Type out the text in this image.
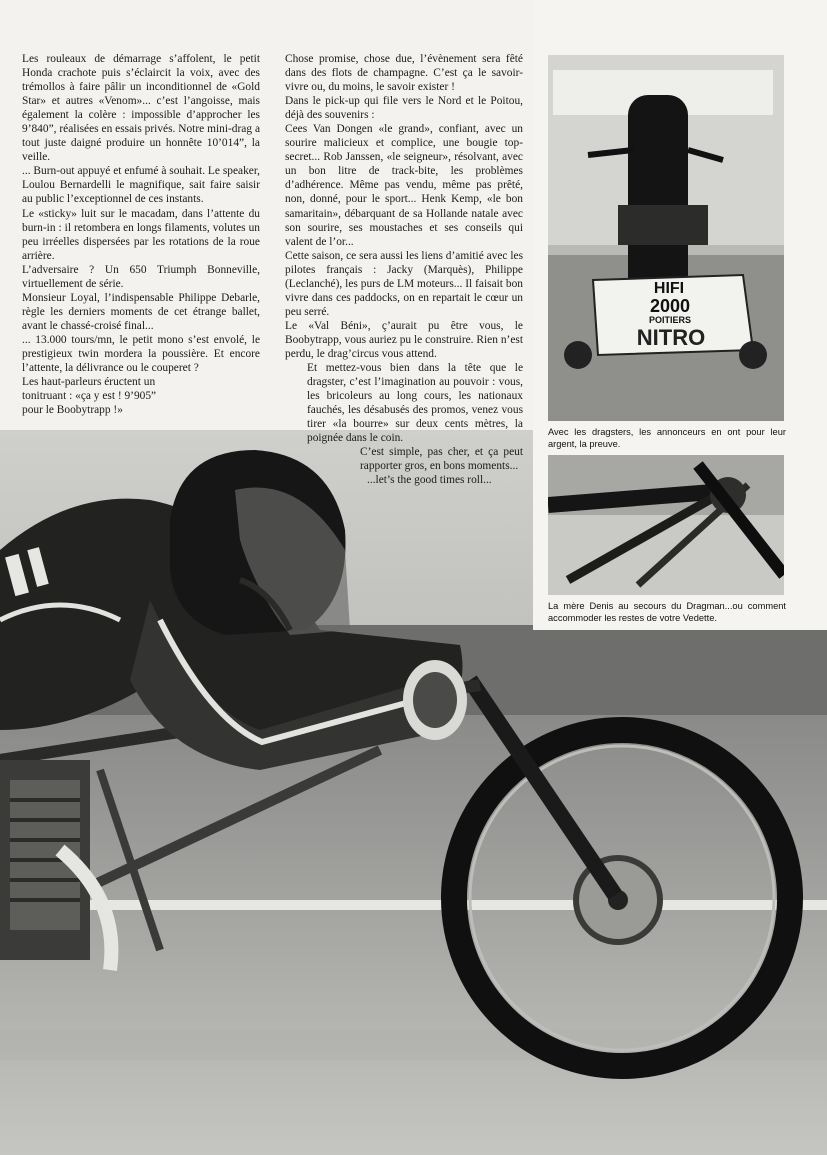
Les rouleaux de démarrage s’affolent, le petit Honda crachote puis s’éclaircit la voix, avec des trémollos à faire pâlir un inconditionnel de «Gold Star» et autres «Venom»... c’est l’angoisse, mais également la colère : impossible d’approcher les 9’840”, réalisées en essais privés. Notre mini-drag a tout juste daigné produire un honnête 10’014”, la veille.

... Burn-out appuyé et enfumé à souhait. Le speaker, Loulou Bernardelli le magnifique, sait faire saisir au public l’exceptionnel de ces instants.

Le «sticky» luit sur le macadam, dans l’attente du burn-in : il retombera en longs filaments, volutes un peu irréelles dispersées par les rotations de la roue arrière.

L’adversaire ? Un 650 Triumph Bonneville, virtuellement de série.

Monsieur Loyal, l’indispensable Philippe Debarle, règle les derniers moments de cet étrange ballet, avant le chassé-croisé final...

... 13.000 tours/mn, le petit mono s’est envolé, le prestigieux twin mordera la poussière. Et encore l’attente, la délivrance ou le couperet ?

Les haut-parleurs éructent un tonitruant : «ça y est ! 9’905” pour le Boobytrapp !»

Chose promise, chose due, l’évènement sera fêté dans des flots de champagne. C’est ça le savoir-vivre ou, du moins, le savoir exister !

Dans le pick-up qui file vers le Nord et le Poitou, déjà des souvenirs :

Cees Van Dongen «le grand», confiant, avec un sourire malicieux et complice, une bougie top-secret... Rob Janssen, «le seigneur», résolvant, avec un bon litre de track-bite, les problèmes d’adhérence. Même pas vendu, même pas prêté, non, donné, pour le sport... Henk Kemp, «le bon samaritain», débarquant de sa Hollande natale avec son sourire, ses moustaches et ses conseils qui valent de l’or...

Cette saison, ce sera aussi les liens d’amitié avec les pilotes français : Jacky (Marquès), Philippe (Leclanché), les purs de LM moteurs... Il faisait bon vivre dans ces paddocks, on en repartait le cœur un peu serré.

Le «Val Béni», ç’aurait pu être vous, le Boobytrapp, vous auriez pu le construire. Rien n’est perdu, le drag’circus vous attend.

Et mettez-vous bien dans la tête que le dragster, c’est l’imagination au pouvoir : vous, les bricoleurs au long cours, les nationaux fauchés, les désabusés des promos, venez vous tirer «la bourre» sur deux cents mètres, la poignée dans le coin.

C’est simple, pas cher, et ça peut rapporter gros, en bons moments...

...let’s the good times roll...

HIFI
2000
POITIERS
NITRO
Avec les dragsters, les annonceurs en ont pour leur argent, la preuve.
La mère Denis au secours du Dragman...ou comment accommoder les restes de votre Vedette.
